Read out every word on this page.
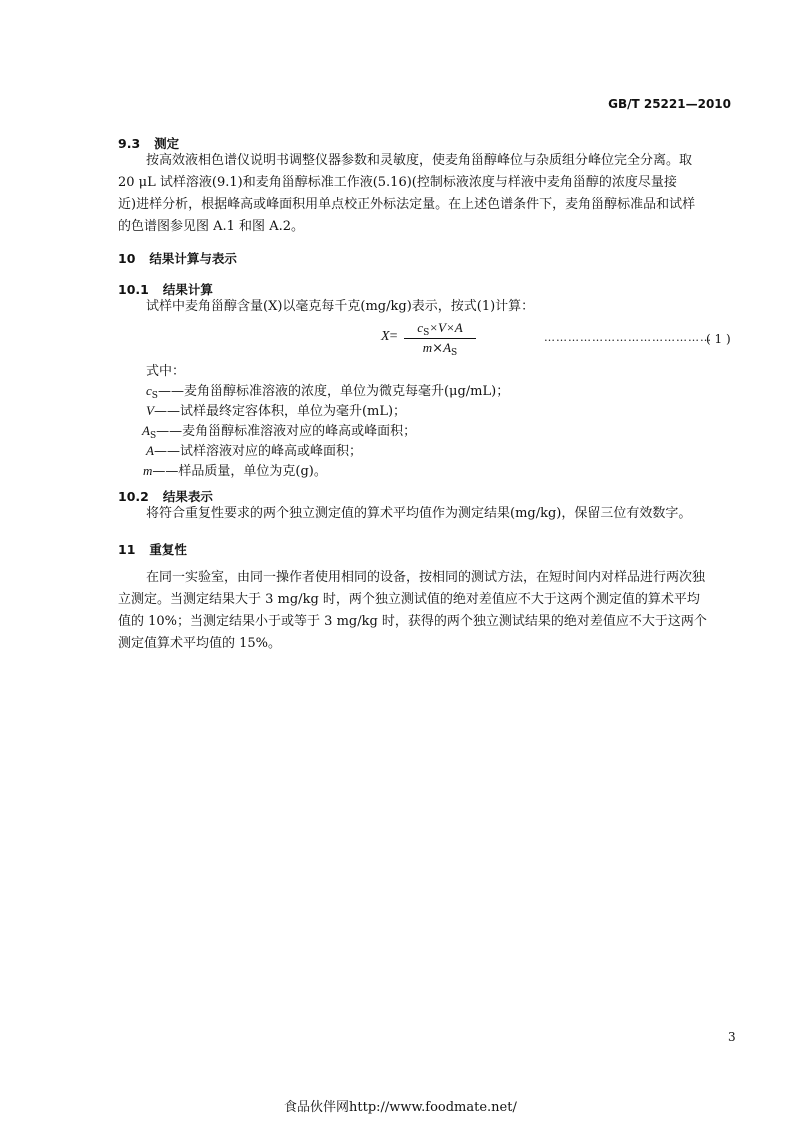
GB/T 25221—2010
9.3 测定
按高效液相色谱仪说明书调整仪器参数和灵敏度，使麦角甾醇峰位与杂质组分峰位完全分离。取
20 μL 试样溶液(9.1)和麦角甾醇标准工作液(5.16)(控制标液浓度与样液中麦角甾醇的浓度尽量接
近)进样分析，根据峰高或峰面积用单点校正外标法定量。在上述色谱条件下，麦角甾醇标准品和试样
的色谱图参见图 A.1 和图 A.2。
10 结果计算与表示
10.1 结果计算
试样中麦角甾醇含量(X)以毫克每千克(mg/kg)表示，按式(1)计算：
X=
$c_S\times V\times A$
$m\times A_S$
……………………………………
( 1 )
式中：
$c_S——$麦角甾醇标准溶液的浓度，单位为微克每毫升(μg/mL)；
V——试样最终定容体积，单位为毫升(mL)；
$A_S——$麦角甾醇标准溶液对应的峰高或峰面积；
A——试样溶液对应的峰高或峰面积；
m——样品质量，单位为克(g)。
10.2 结果表示
将符合重复性要求的两个独立测定值的算术平均值作为测定结果(mg/kg)，保留三位有效数字。
11 重复性
在同一实验室，由同一操作者使用相同的设备，按相同的测试方法，在短时间内对样品进行两次独
立测定。当测定结果大于 3 mg/kg 时，两个独立测试值的绝对差值应不大于这两个测定值的算术平均
值的 10%；当测定结果小于或等于 3 mg/kg 时，获得的两个独立测试结果的绝对差值应不大于这两个
测定值算术平均值的 15%。
3
食品伙伴网http://www.foodmate.net/
